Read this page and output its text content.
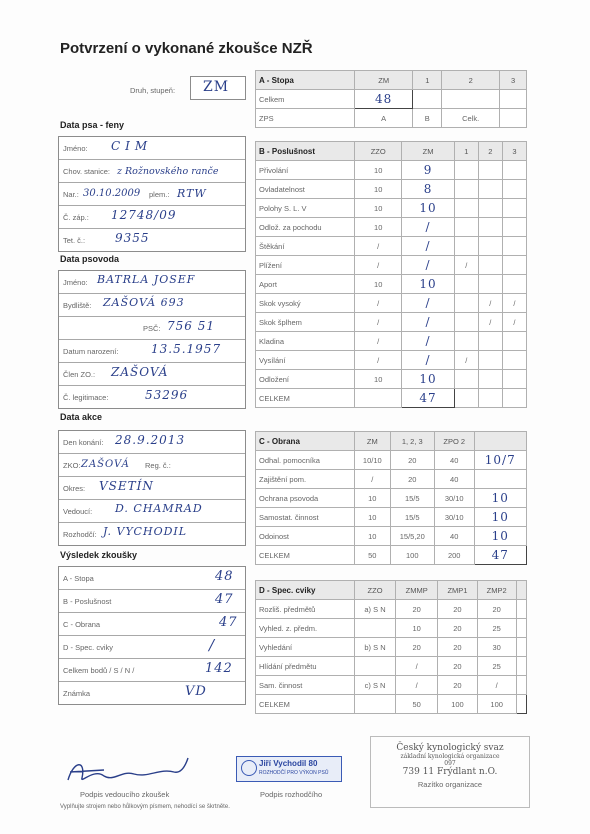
Potvrzení o vykonané zkoušce NZŘ
Druh, stupeň: ZM
Data psa - feny
Jméno: CIM
Chov. stanice: z Rožnovského ranče
Nar.: 30.10.2009 plem.: RTW
Č. záp.: 12748/09
Tet. č.: 9355
Data psovoda
Jméno: BATRLA JOSEF
Bydliště: ZAŠOVÁ 693
PSČ: 756 51
Datum narození:	13.5.1957
Člen ZO.: ZAŠOVÁ
Č. legitimace:	53296
Data akce
Den konání: 28.9.2013
ZKO: ZAŠOVÁ Reg. č.:
Okres: VSETÍN
Vedoucí: D. CHAMRAD
Rozhodčí: J. VYCHODIL
Výsledek zkoušky
A - Stopa	48
B - Poslušnost	47
C - Obrana	47
D - Spec. cviky	/
Celkem bodů / S / N /	142
Známka	VD
A - Stopa	ZM	1	2	3
Celkem	48			
ZPS	A	B	Celk.	
B - Poslušnost	ZZO	ZM	1	2	3
Přivolání	10	9			
Ovladatelnost	10	8			
Polohy S. L. V	10	10			
Odlož. za pochodu	10	/			
Štěkání	/	/			
Plížení	/	/	/		
Aport	10	10			
Skok vysoký	/	/		/	/
Skok šplhem	/	/		/	/
Kladina	/	/			
Vysílání	/	/	/		
Odložení	10	10			
CELKEM		47			
C - Obrana	ZM	1, 2, 3	ZPO 2	
Odhal. pomocníka	10/10	20	40	10/7
Zajištění pom.	/	20	40	
Ochrana psovoda	10	15/5	30/10	10
Samostat. činnost	10	15/5	30/10	10
Odoinost	10	15/5,20	40	10
CELKEM	50	100	200	47
D - Spec. cviky	ZZO	ZMMP	ZMP1	ZMP2	
Rozliš. předmětů	a) S N	20	20	20	
Vyhled. z. předm.		10	20	25	
Vyhledání	b) S N	20	20	30	
Hlídání předmětu		/	20	25	
Sam. činnost	c) S N	/	20	/	
CELKEM		50	100	100	
Podpis vedoucího zkoušek
Jiří Vychodil 80
ROZHODČÍ PRO VÝKON PSŮ
Podpis rozhodčího
Český kynologický svaz
základní kynologická organizace
097
739 11 Frýdlant n.O.
Razítko organizace
Vyplňujte strojem nebo hůlkovým písmem, nehodící se škrtněte.
